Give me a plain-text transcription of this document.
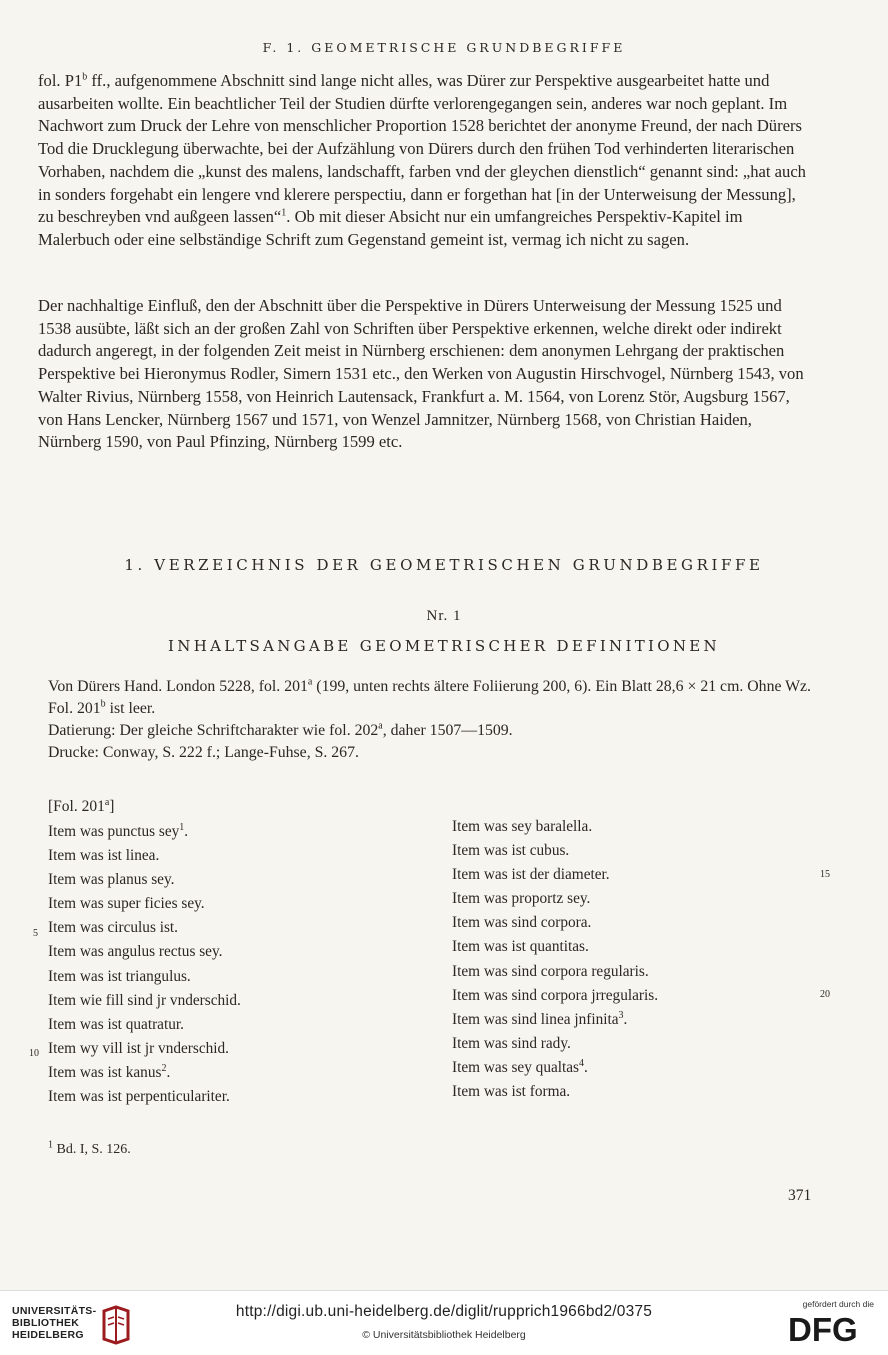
F. 1. GEOMETRISCHE GRUNDBEGRIFFE

fol. P1$^b$ ff., aufgenommene Abschnitt sind lange nicht alles, was Dürer zur Perspektive ausgearbeitet hatte und ausarbeiten wollte. Ein beachtlicher Teil der Studien dürfte verlorengegangen sein, anderes war noch geplant. Im Nachwort zum Druck der Lehre von menschlicher Proportion 1528 berichtet der anonyme Freund, der nach Dürers Tod die Drucklegung überwachte, bei der Aufzählung von Dürers durch den frühen Tod verhinderten literarischen Vorhaben, nachdem die „kunst des malens, landschafft, farben vnd der gleychen dienstlich“ genannt sind: „hat auch in sonders forgehabt ein lengere vnd klerere perspectiu, dann er forgethan hat [in der Unterweisung der Messung], zu beschreyben vnd außgeen lassen“$^1$. Ob mit dieser Absicht nur ein umfangreiches Perspektiv-Kapitel im Malerbuch oder eine selbständige Schrift zum Gegenstand gemeint ist, vermag ich nicht zu sagen.

Der nachhaltige Einfluß, den der Abschnitt über die Perspektive in Dürers Unterweisung der Messung 1525 und 1538 ausübte, läßt sich an der großen Zahl von Schriften über Perspektive erkennen, welche direkt oder indirekt dadurch angeregt, in der folgenden Zeit meist in Nürnberg erschienen: dem anonymen Lehrgang der praktischen Perspektive bei Hieronymus Rodler, Simern 1531 etc., den Werken von Augustin Hirschvogel, Nürnberg 1543, von Walter Rivius, Nürnberg 1558, von Heinrich Lautensack, Frankfurt a. M. 1564, von Lorenz Stör, Augsburg 1567, von Hans Lencker, Nürnberg 1567 und 1571, von Wenzel Jamnitzer, Nürnberg 1568, von Christian Haiden, Nürnberg 1590, von Paul Pfinzing, Nürnberg 1599 etc.

1. VERZEICHNIS DER GEOMETRISCHEN GRUNDBEGRIFFE
Nr. 1
INHALTSANGABE GEOMETRISCHER DEFINITIONEN

Von Dürers Hand. London 5228, fol. 201$^a$ (199, unten rechts ältere Foliierung 200, 6). Ein Blatt 28,6 × 21 cm. Ohne Wz. Fol. 201$^b$ ist leer.

Datierung: Der gleiche Schriftcharakter wie fol. 202$^a$, daher 1507—1509.

Drucke: Conway, S. 222 f.; Lange-Fuhse, S. 267.

[Fol. 201$^a$]
Item was punctus sey$^1$.
Item was ist linea.
Item was planus sey.
Item was super ficies sey.
Item was circulus ist.
Item was angulus rectus sey.
Item was ist triangulus.
Item wie fill sind jr vnderschid.
Item was ist quatratur.
Item wy vill ist jr vnderschid.
Item was ist kanus$^2$.
Item was ist perpenticulariter.
Item was sey baralella.
Item was ist cubus.
Item was ist der diameter.
Item was proportz sey.
Item was sind corpora.
Item was ist quantitas.
Item was sind corpora regularis.
Item was sind corpora jrregularis.
Item was sind linea jnfinita$^3$.
Item was sind rady.
Item was sey qualtas$^4$.
Item was ist forma.
5
10
15
20
$^1$ Bd. I, S. 126.
371
UNIVERSITÄTS-
BIBLIOTHEK
HEIDELBERG
http://digi.ub.uni-heidelberg.de/diglit/rupprich1966bd2/0375
© Universitätsbibliothek Heidelberg
gefördert durch die
DFG
